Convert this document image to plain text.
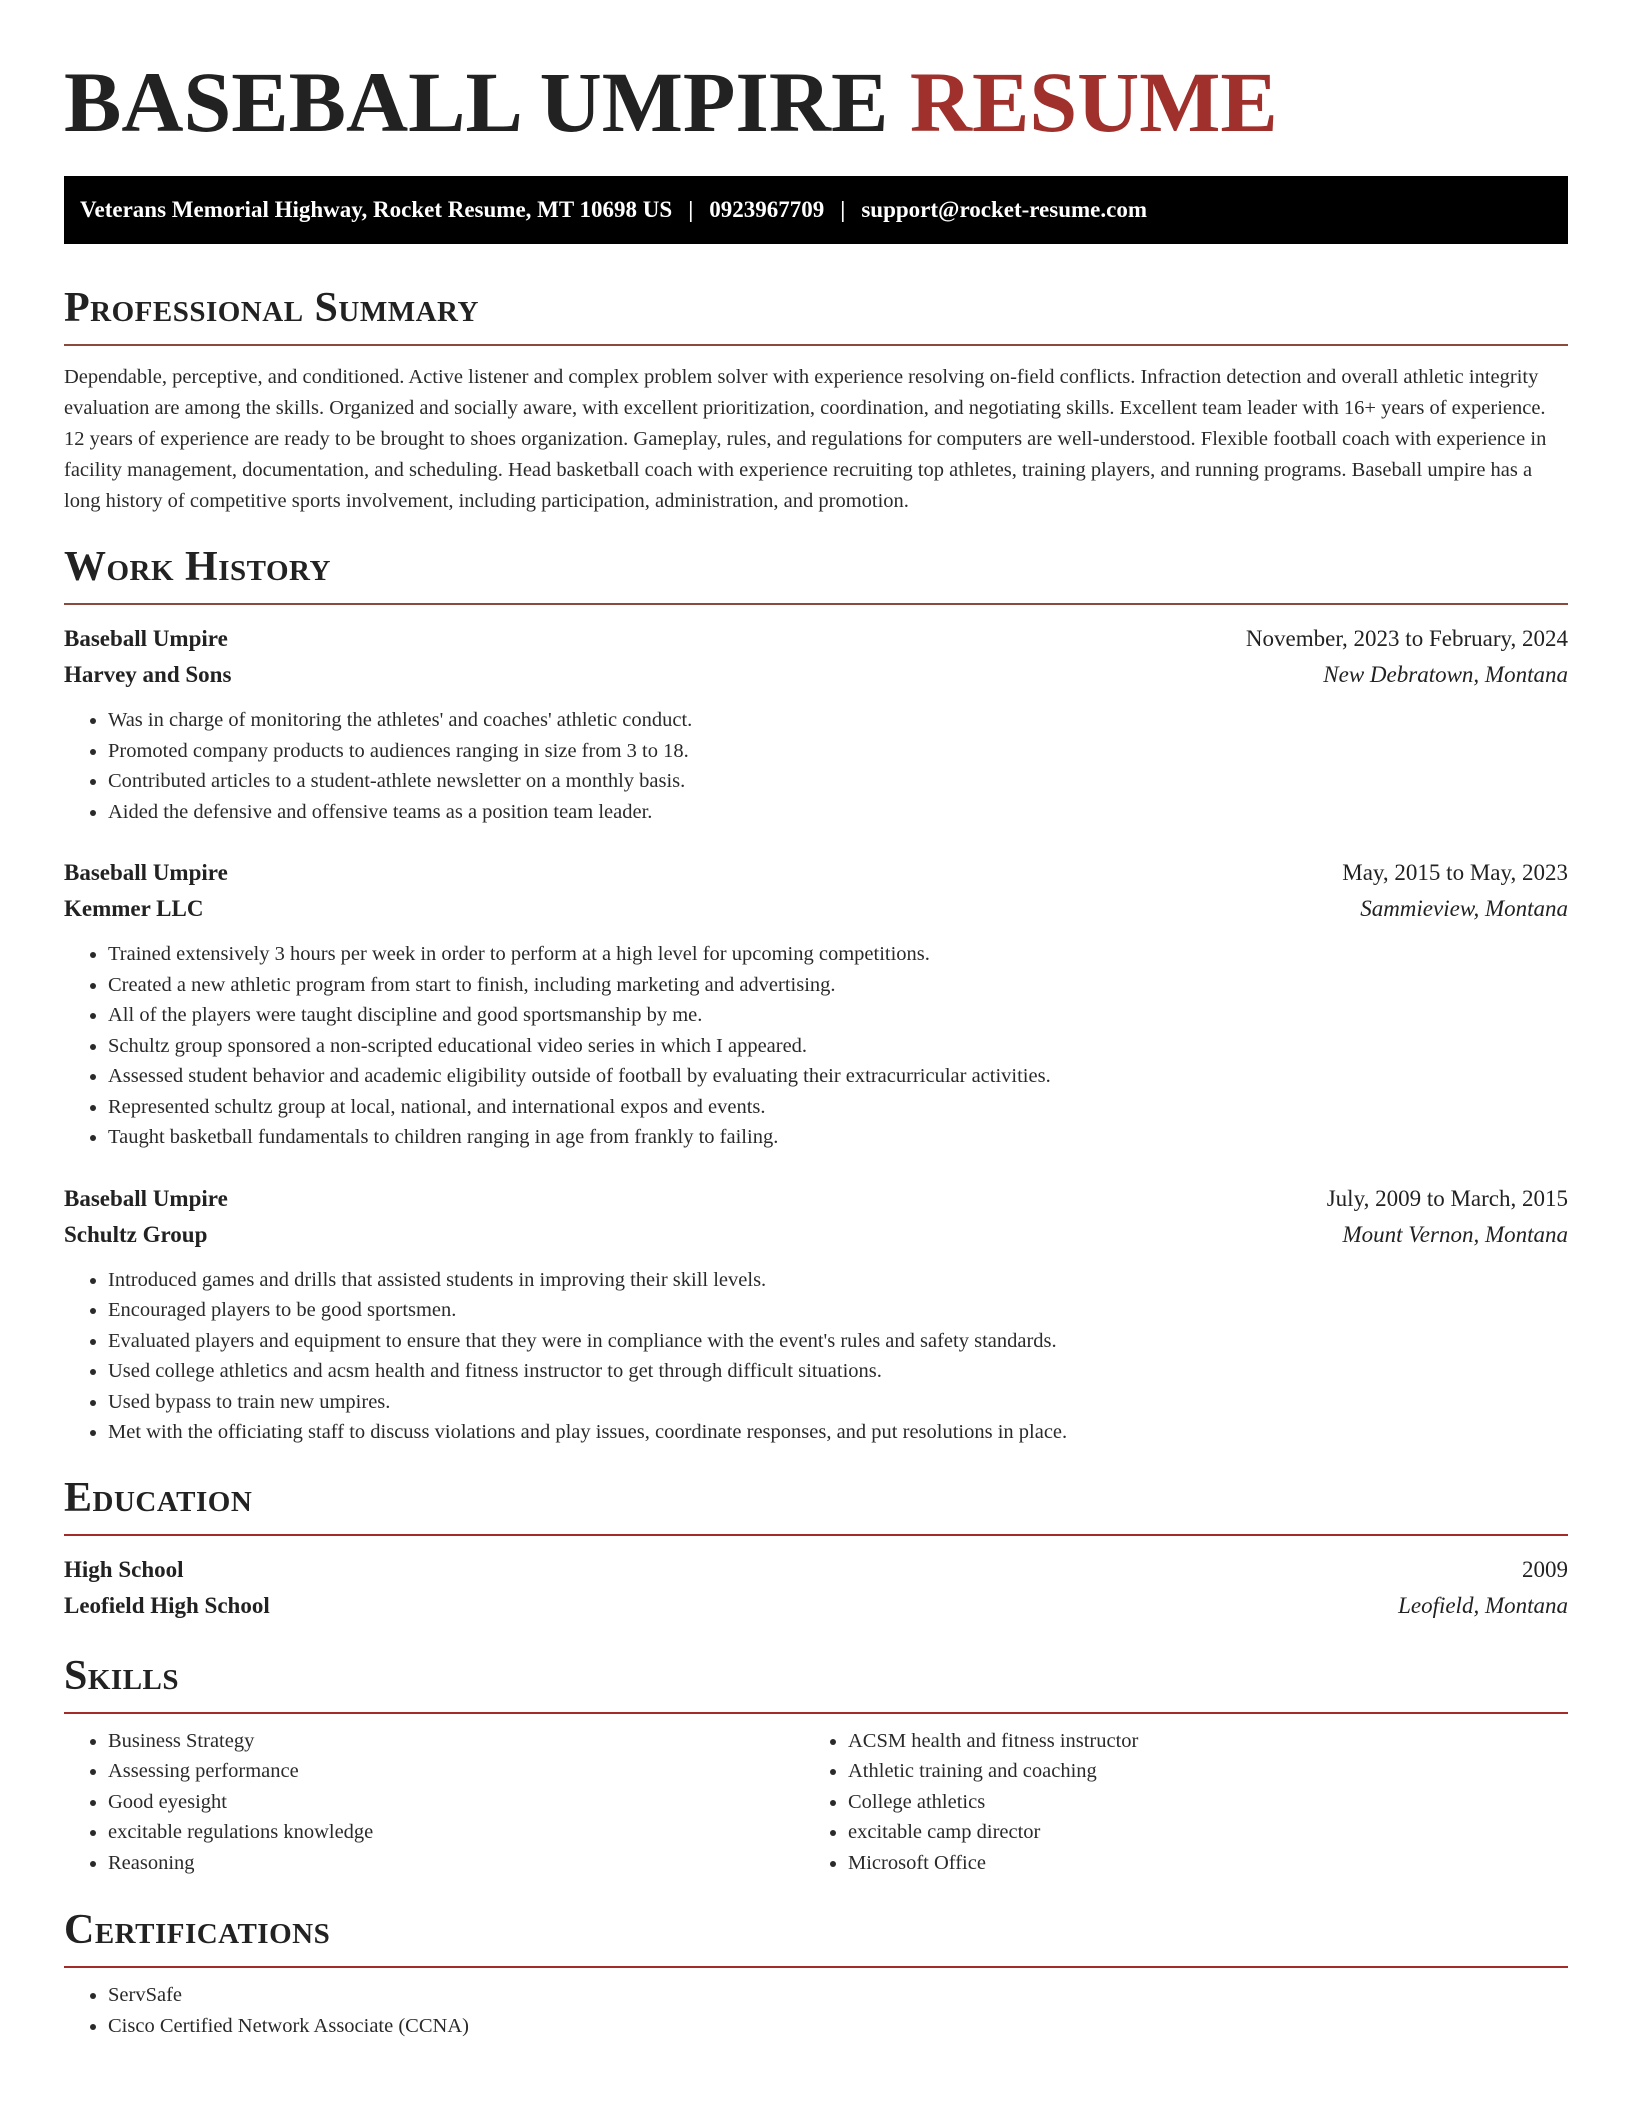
BASEBALL UMPIRE RESUME
Veterans Memorial Highway, Rocket Resume, MT 10698 US | 0923967709 | support@rocket-resume.com
Professional Summary

Dependable, perceptive, and conditioned. Active listener and complex problem solver with experience resolving on-field conflicts. Infraction detection and overall athletic integrity evaluation are among the skills. Organized and socially aware, with excellent prioritization, coordination, and negotiating skills. Excellent team leader with 16+ years of experience. 12 years of experience are ready to be brought to shoes organization. Gameplay, rules, and regulations for computers are well-understood. Flexible football coach with experience in facility management, documentation, and scheduling. Head basketball coach with experience recruiting top athletes, training players, and running programs. Baseball umpire has a long history of competitive sports involvement, including participation, administration, and promotion.

Work History
Baseball Umpire	November, 2023 to February, 2024
Harvey and Sons	New Debratown, Montana
• Was in charge of monitoring the athletes' and coaches' athletic conduct.
• Promoted company products to audiences ranging in size from 3 to 18.
• Contributed articles to a student-athlete newsletter on a monthly basis.
• Aided the defensive and offensive teams as a position team leader.
Baseball Umpire	May, 2015 to May, 2023
Kemmer LLC	Sammieview, Montana
• Trained extensively 3 hours per week in order to perform at a high level for upcoming competitions.
• Created a new athletic program from start to finish, including marketing and advertising.
• All of the players were taught discipline and good sportsmanship by me.
• Schultz group sponsored a non-scripted educational video series in which I appeared.
• Assessed student behavior and academic eligibility outside of football by evaluating their extracurricular activities.
• Represented schultz group at local, national, and international expos and events.
• Taught basketball fundamentals to children ranging in age from frankly to failing.
Baseball Umpire	July, 2009 to March, 2015
Schultz Group	Mount Vernon, Montana
• Introduced games and drills that assisted students in improving their skill levels.
• Encouraged players to be good sportsmen.
• Evaluated players and equipment to ensure that they were in compliance with the event's rules and safety standards.
• Used college athletics and acsm health and fitness instructor to get through difficult situations.
• Used bypass to train new umpires.
• Met with the officiating staff to discuss violations and play issues, coordinate responses, and put resolutions in place.
Education
High School	2009
Leofield High School	Leofield, Montana
Skills
• Business Strategy
• Assessing performance
• Good eyesight
• excitable regulations knowledge
• Reasoning
• ACSM health and fitness instructor
• Athletic training and coaching
• College athletics
• excitable camp director
• Microsoft Office
Certifications
• ServSafe
• Cisco Certified Network Associate (CCNA)
